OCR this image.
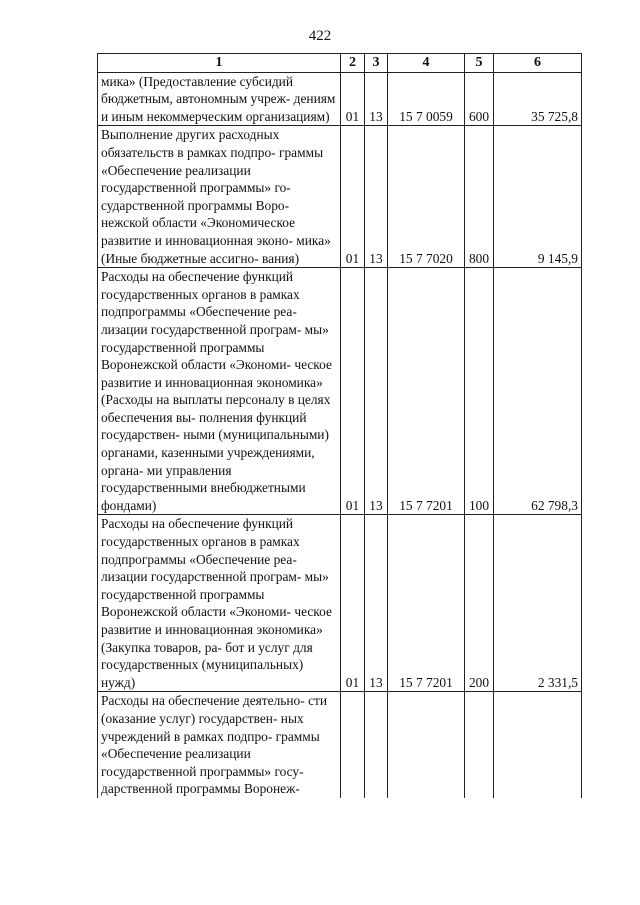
422
1	2	3	4	5	6
мика» (Предоставление субсидий бюджетным, автономным учреж- дениям и иным некоммерческим организациям)	01	13	15 7 0059	600	35 725,8
Выполнение других расходных обязательств в рамках подпро- граммы «Обеспечение реализации государственной программы» го- сударственной программы Воро- нежской области «Экономическое развитие и инновационная эконо- мика» (Иные бюджетные ассигно- вания)	01	13	15 7 7020	800	9 145,9
Расходы на обеспечение функций государственных органов в рамках подпрограммы «Обеспечение реа- лизации государственной програм- мы» государственной программы Воронежской области «Экономи- ческое развитие и инновационная экономика» (Расходы на выплаты персоналу в целях обеспечения вы- полнения функций государствен- ными (муниципальными) органами, казенными учреждениями, органа- ми управления государственными внебюджетными фондами)	01	13	15 7 7201	100	62 798,3
Расходы на обеспечение функций государственных органов в рамках подпрограммы «Обеспечение реа- лизации государственной програм- мы» государственной программы Воронежской области «Экономи- ческое развитие и инновационная экономика» (Закупка товаров, ра- бот и услуг для государственных (муниципальных) нужд)	01	13	15 7 7201	200	2 331,5
Расходы на обеспечение деятельно- сти (оказание услуг) государствен- ных учреждений в рамках подпро- граммы «Обеспечение реализации государственной программы» госу- дарственной программы Воронеж-					
